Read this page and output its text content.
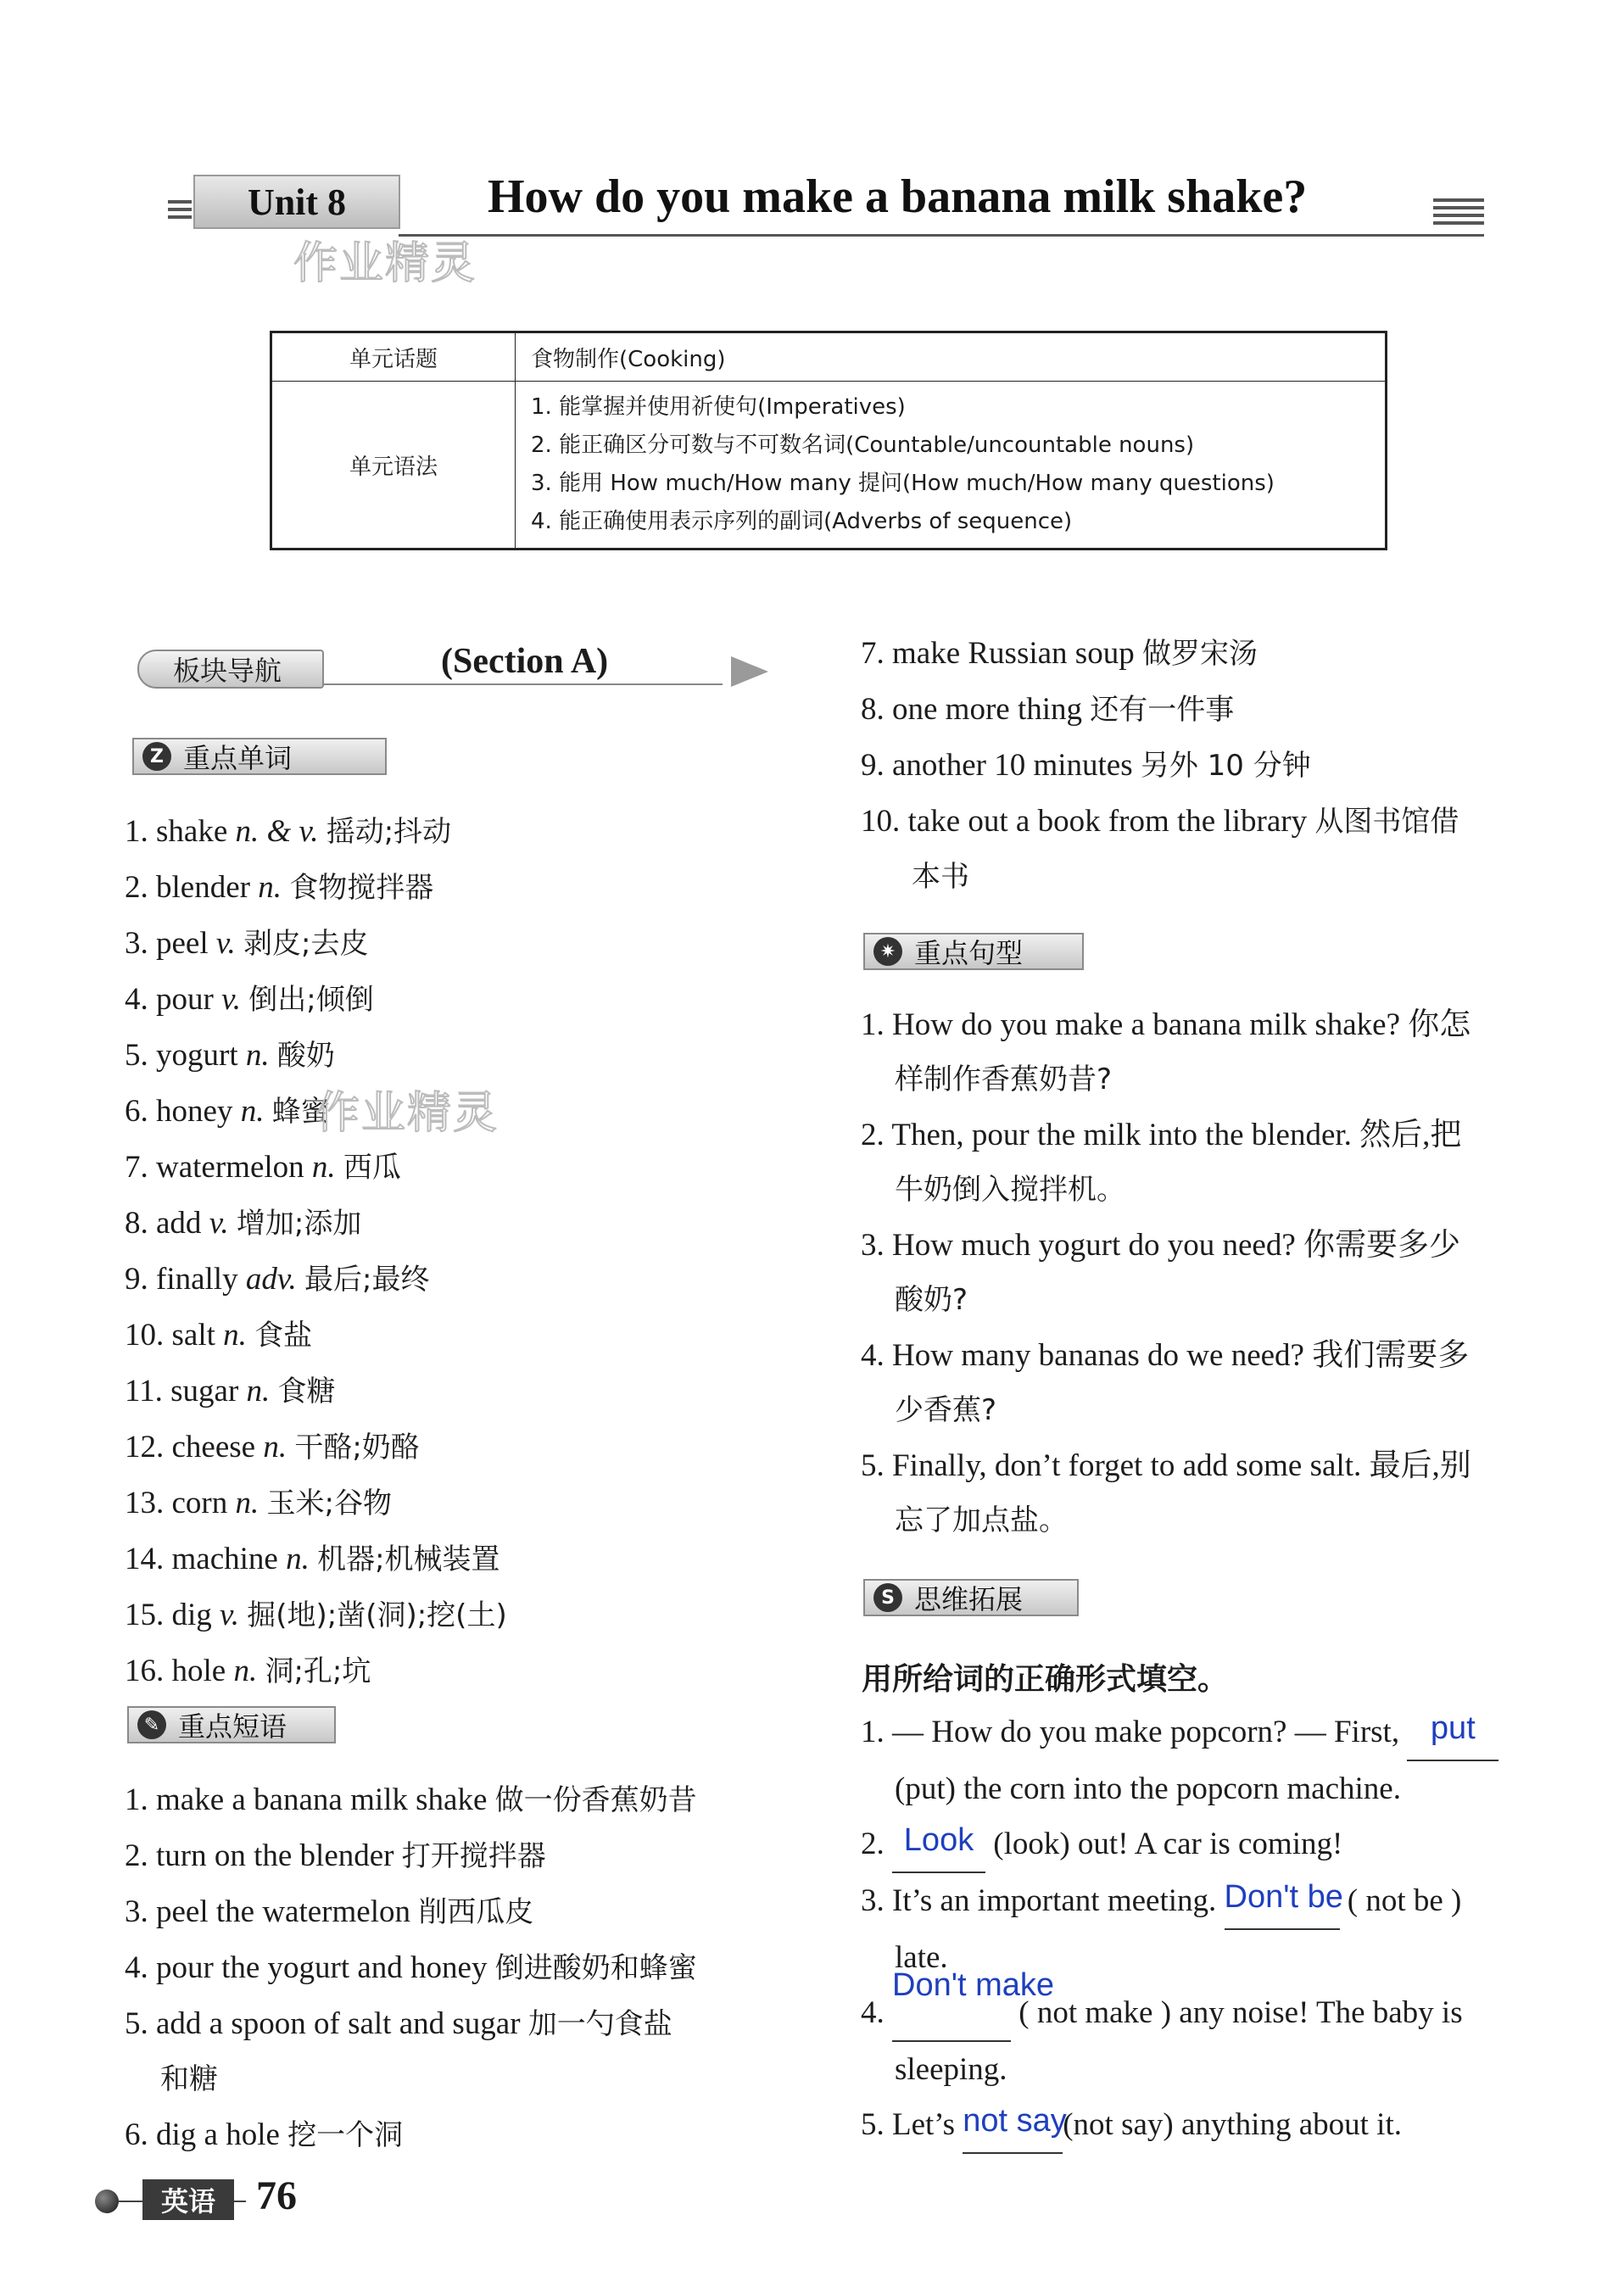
Unit 8	How do you make a banana milk shake?
作业精灵
单元话题	食物制作(Cooking)
单元语法	1. 能掌握并使用祈使句(Imperatives)
2. 能正确区分可数与不可数名词(Countable/uncountable nouns)
3. 能用 How much/How many 提问(How much/How many questions)
4. 能正确使用表示序列的副词(Adverbs of sequence)
板块导航	(Section A)
Z 重点单词
1. shake n. & v. 摇动;抖动
2. blender n. 食物搅拌器
3. peel v. 剥皮;去皮
4. pour v. 倒出;倾倒
5. yogurt n. 酸奶
6. honey n. 蜂蜜
7. watermelon n. 西瓜
8. add v. 增加;添加
9. finally adv. 最后;最终
10. salt n. 食盐
11. sugar n. 食糖
12. cheese n. 干酪;奶酪
13. corn n. 玉米;谷物
14. machine n. 机器;机械装置
15. dig v. 掘(地);凿(洞);挖(土)
16. hole n. 洞;孔;坑
作业精灵
✎ 重点短语
1. make a banana milk shake 做一份香蕉奶昔
2. turn on the blender 打开搅拌器
3. peel the watermelon 削西瓜皮
4. pour the yogurt and honey 倒进酸奶和蜂蜜
5. add a spoon of salt and sugar 加一勺食盐
和糖
6. dig a hole 挖一个洞
7. make Russian soup 做罗宋汤
8. one more thing 还有一件事
9. another 10 minutes 另外 10 分钟
10. take out a book from the library 从图书馆借
本书
✷ 重点句型
1. How do you make a banana milk shake? 你怎
样制作香蕉奶昔?
2. Then, pour the milk into the blender. 然后,把
牛奶倒入搅拌机。
3. How much yogurt do you need? 你需要多少
酸奶?
4. How many bananas do we need? 我们需要多
少香蕉?
5. Finally, don’t forget to add some salt. 最后,别
忘了加点盐。
S 思维拓展
用所给词的正确形式填空。
1. — How do you make popcorn? — First, put

(put) the corn into the popcorn machine.
2. Look (look) out! A car is coming!
3. It’s an important meeting. Don't be ( not be )
late.
4.
Don't make
( not make ) any noise! The baby is
sleeping.
5. Let’s not say
(not say) anything about it.
英语	76
